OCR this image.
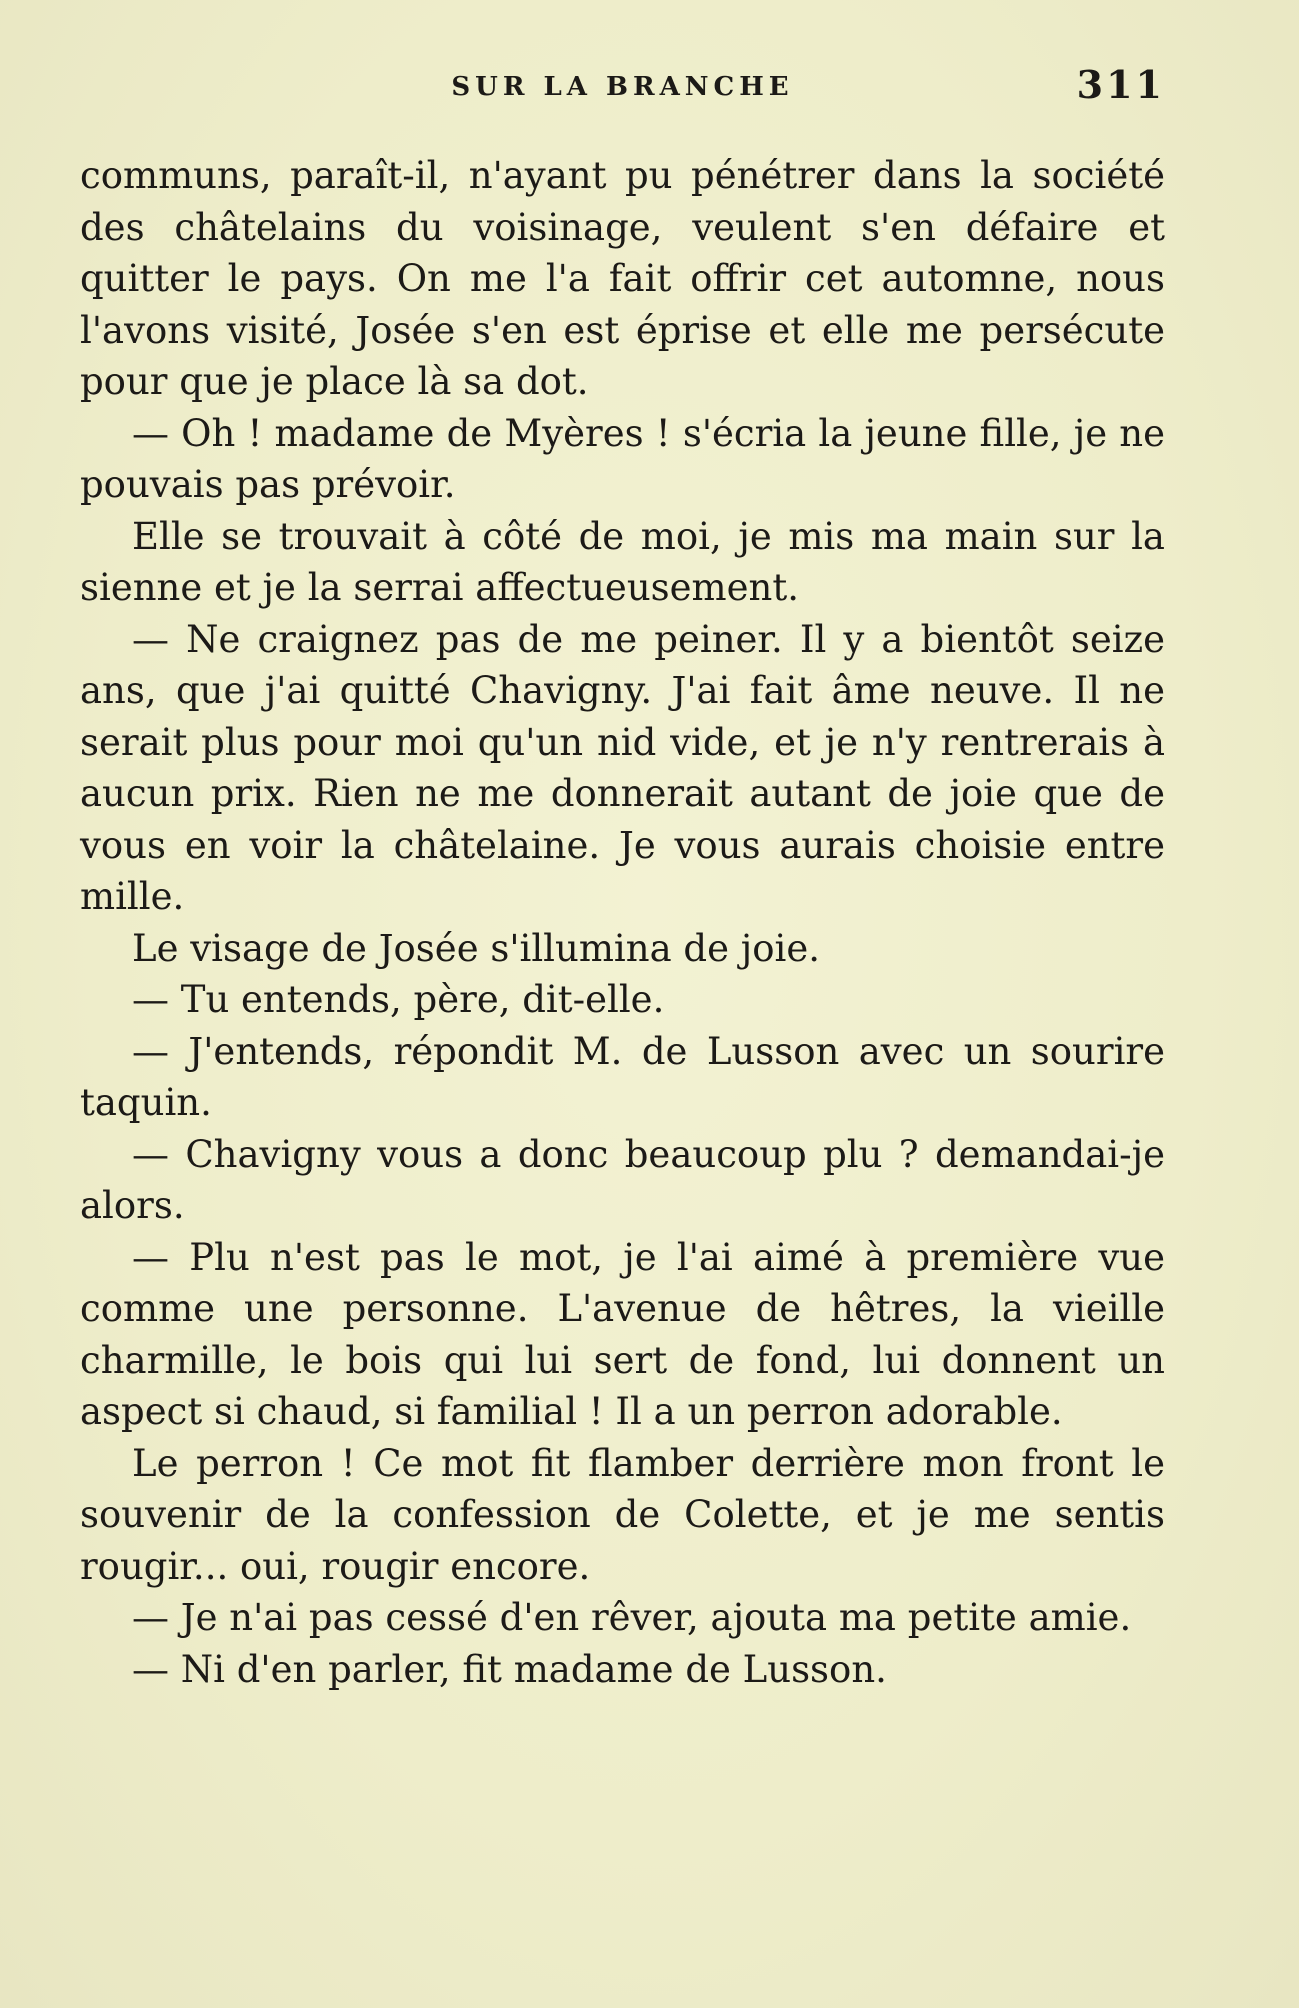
SUR LA BRANCHE	311

communs, paraît-il, n'ayant pu pénétrer dans la société des châtelains du voisinage, veulent s'en défaire et quitter le pays. On me l'a fait offrir cet automne, nous l'avons visité, Josée s'en est éprise et elle me persécute pour que je place là sa dot.

— Oh ! madame de Myères ! s'écria la jeune fille, je ne pouvais pas prévoir.

Elle se trouvait à côté de moi, je mis ma main sur la sienne et je la serrai affectueusement.

— Ne craignez pas de me peiner. Il y a bientôt seize ans, que j'ai quitté Chavigny. J'ai fait âme neuve. Il ne serait plus pour moi qu'un nid vide, et je n'y rentrerais à aucun prix. Rien ne me donnerait autant de joie que de vous en voir la châtelaine. Je vous aurais choisie entre mille.

Le visage de Josée s'illumina de joie.

— Tu entends, père, dit-elle.

— J'entends, répondit M. de Lusson avec un sourire taquin.

— Chavigny vous a donc beaucoup plu ? demandai-je alors.

— Plu n'est pas le mot, je l'ai aimé à première vue comme une personne. L'avenue de hêtres, la vieille charmille, le bois qui lui sert de fond, lui donnent un aspect si chaud, si familial ! Il a un perron adorable.

Le perron ! Ce mot fit flamber derrière mon front le souvenir de la confession de Colette, et je me sentis rougir... oui, rougir encore.

— Je n'ai pas cessé d'en rêver, ajouta ma petite amie.

— Ni d'en parler, fit madame de Lusson.
